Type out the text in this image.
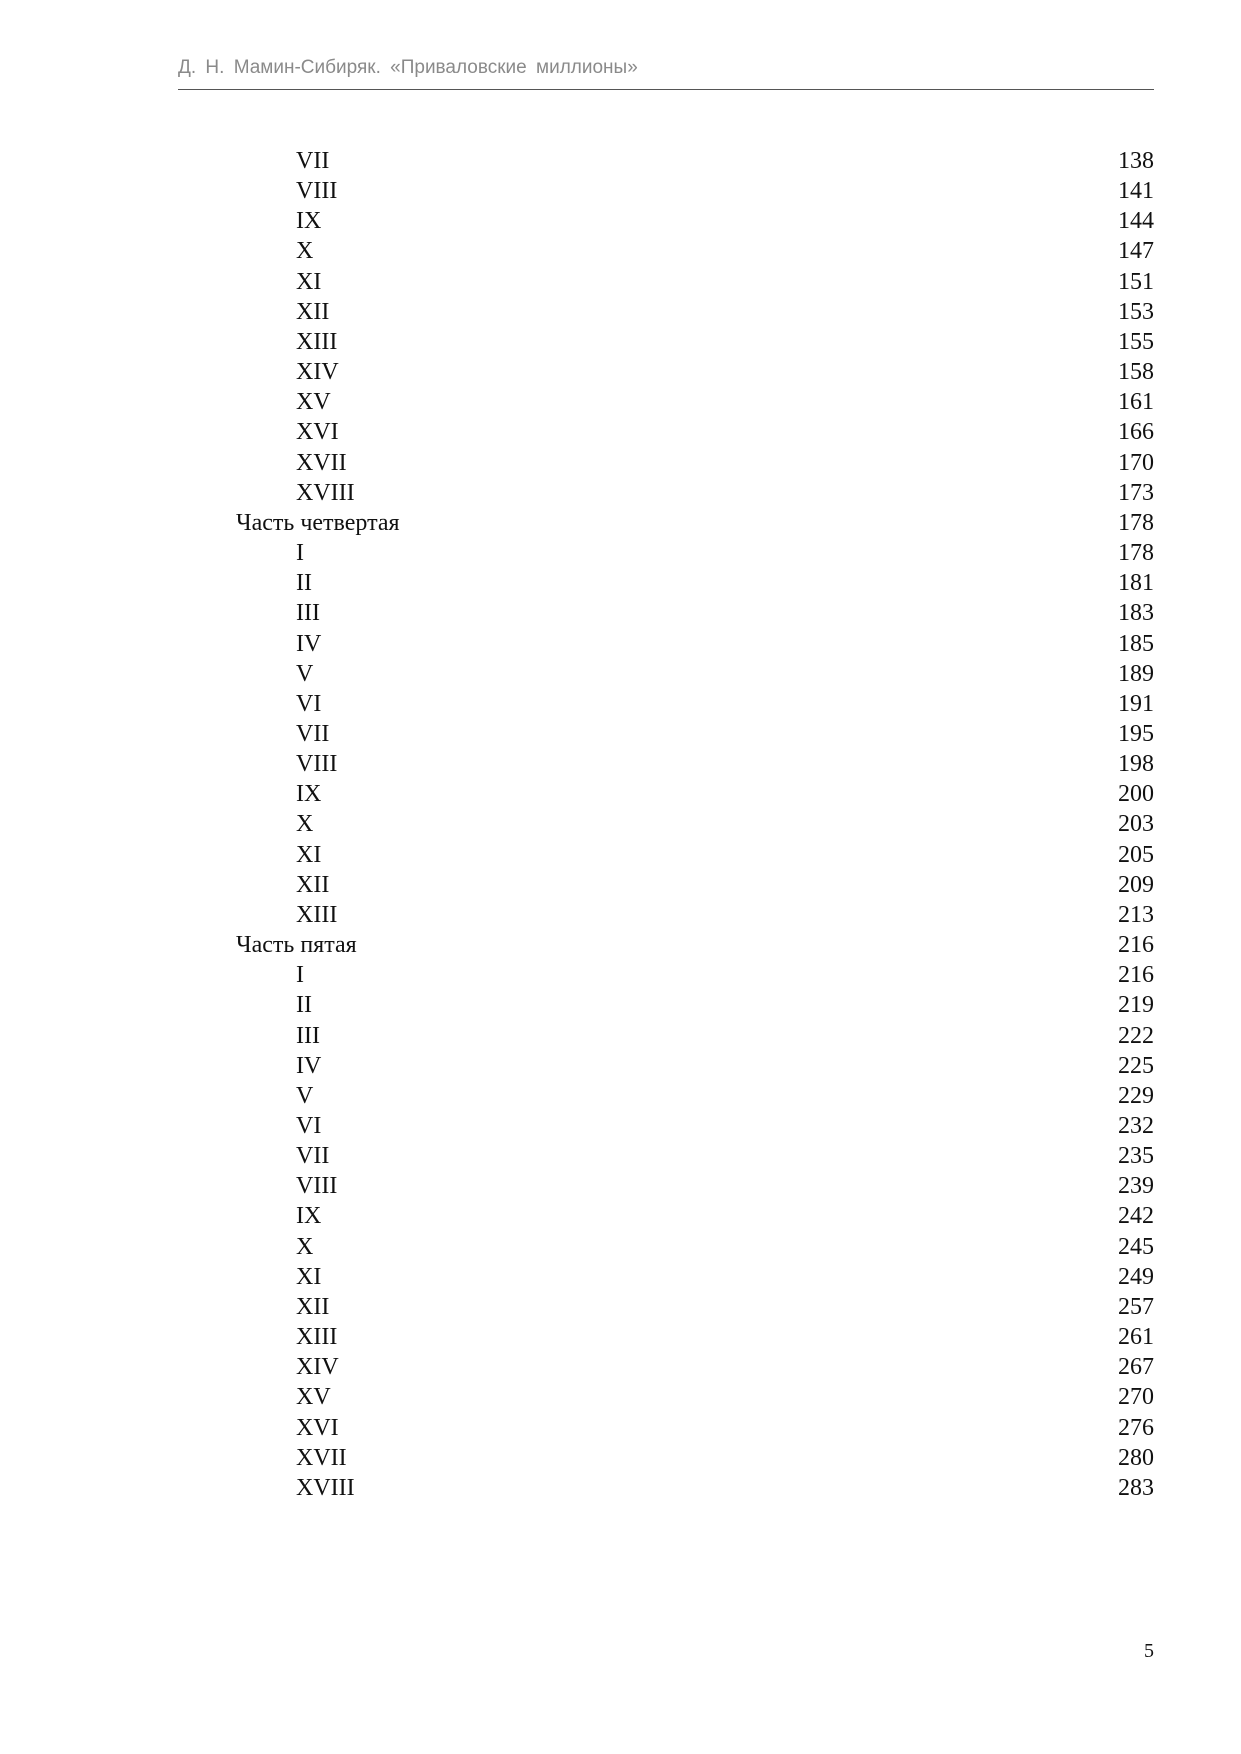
Д. Н. Мамин-Сибиряк. «Приваловские миллионы»
VII	138
VIII	141
IX	144
X	147
XI	151
XII	153
XIII	155
XIV	158
XV	161
XVI	166
XVII	170
XVIII	173
Часть четвертая	178
I	178
II	181
III	183
IV	185
V	189
VI	191
VII	195
VIII	198
IX	200
X	203
XI	205
XII	209
XIII	213
Часть пятая	216
I	216
II	219
III	222
IV	225
V	229
VI	232
VII	235
VIII	239
IX	242
X	245
XI	249
XII	257
XIII	261
XIV	267
XV	270
XVI	276
XVII	280
XVIII	283
5
